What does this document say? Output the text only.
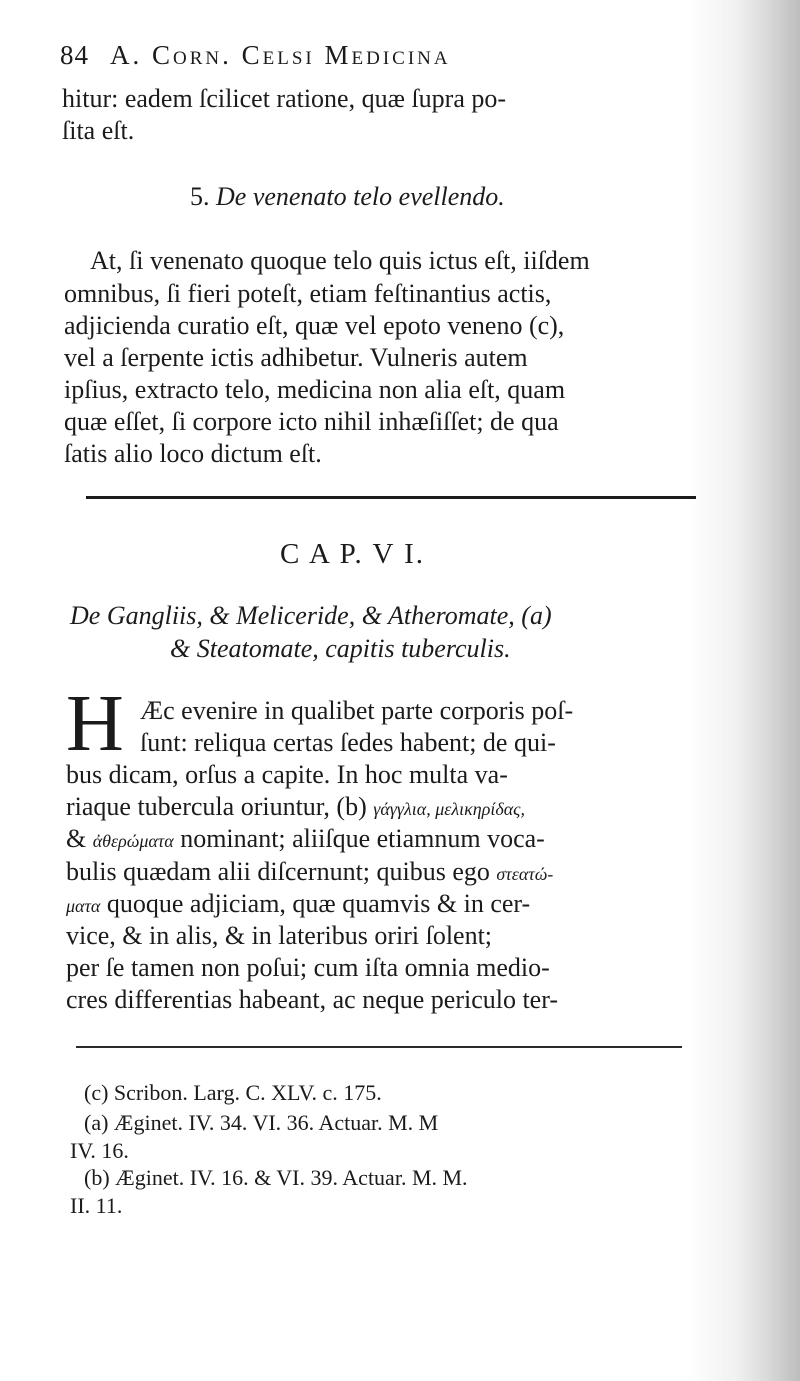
84 A. Corn. Celsi Medicina
hitur: eadem ſcilicet ratione, quæ ſupra po-
ſita eſt.
5. De venenato telo evellendo.
At, ſi venenato quoque telo quis ictus eſt, iiſdem
omnibus, ſi fieri poteſt, etiam feſtinantius actis,
adjicienda curatio eſt, quæ vel epoto veneno (c),
vel a ſerpente ictis adhibetur. Vulneris autem
ipſius, extracto telo, medicina non alia eſt, quam
quæ eſſet, ſi corpore icto nihil inhæſiſſet; de qua
ſatis alio loco dictum eſt.
C A P. V I.
De Gangliis, & Meliceride, & Atheromate, (a)
& Steatomate, capitis tuberculis.
H Æc evenire in qualibet parte corporis poſ-
ſunt: reliqua certas ſedes habent; de qui-
bus dicam, orſus a capite. In hoc multa va-
riaque tubercula oriuntur, (b) γάγγλια, μελικηρίδας,
& ἀθερώματα nominant; aliiſque etiamnum voca-
bulis quædam alii diſcernunt; quibus ego στεατώ-
ματα quoque adjiciam, quæ quamvis & in cer-
vice, & in alis, & in lateribus oriri ſolent;
per ſe tamen non poſui; cum iſta omnia medio-
cres differentias habeant, ac neque periculo ter-
(c) Scribon. Larg. C. XLV. c. 175.
(a) Æginet. IV. 34. VI. 36. Actuar. M. M
IV. 16.
(b) Æginet. IV. 16. & VI. 39. Actuar. M. M.
II. 11.
